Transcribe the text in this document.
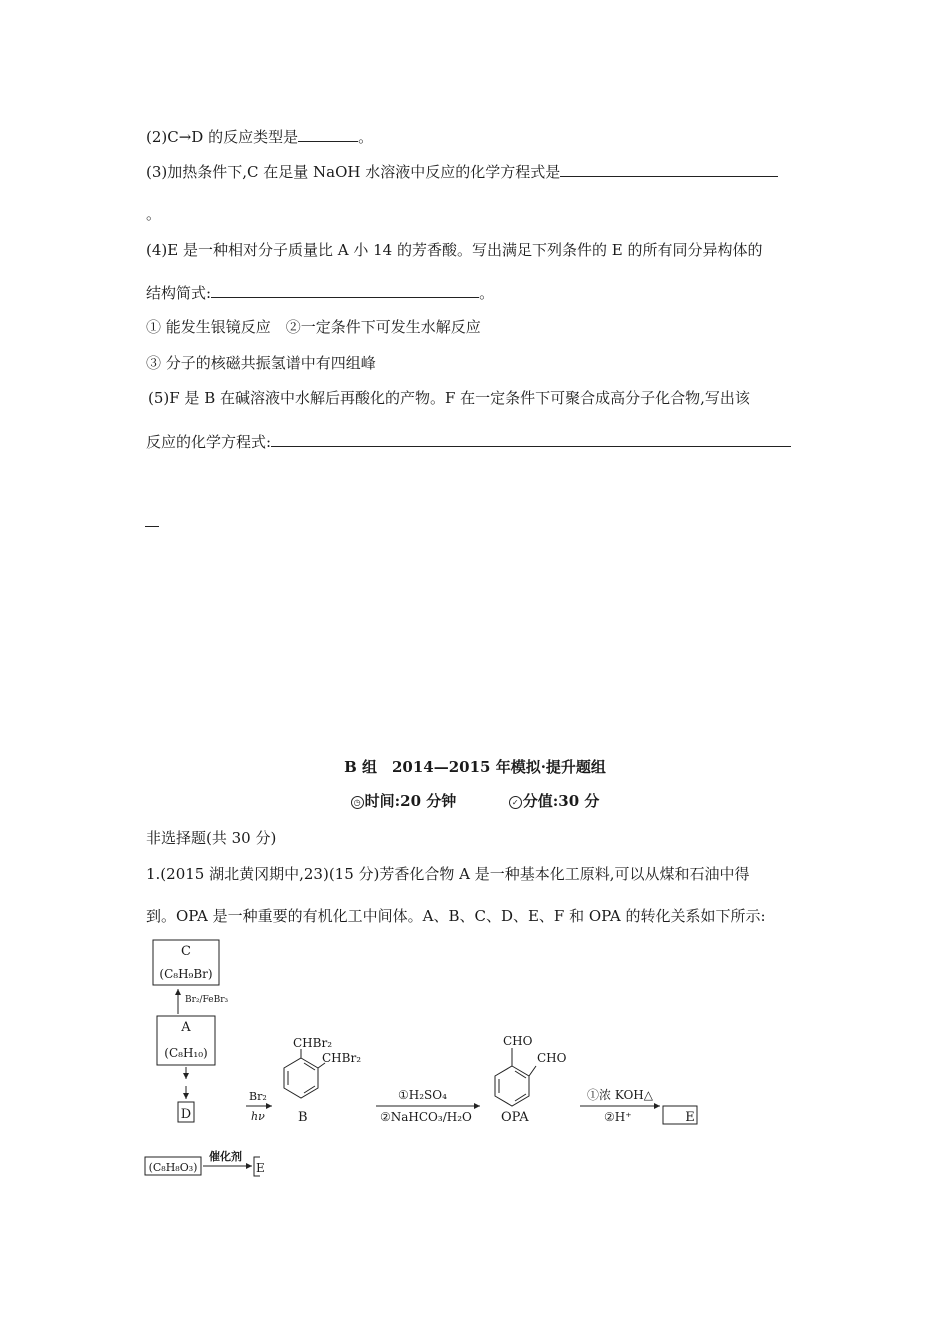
(2)C→D 的反应类型是	。
(3)加热条件下,C 在足量 NaOH 水溶液中反应的化学方程式是
。
(4)E 是一种相对分子质量比 A 小 14 的芳香酸。写出满足下列条件的 E 的所有同分异构体的
结构简式:	。
① 能发生银镜反应　②一定条件下可发生水解反应
③ 分子的核磁共振氢谱中有四组峰
(5)F 是 B 在碱溶液中水解后再酸化的产物。F 在一定条件下可聚合成高分子化合物,写出该
反应的化学方程式:
B 组　2014—2015 年模拟·提升题组
◷ 时间:20 分钟	✓ 分值:30 分
非选择题(共 30 分)
1.(2015 湖北黄冈期中,23)(15 分)芳香化合物 A 是一种基本化工原料,可以从煤和石油中得
到。OPA 是一种重要的有机化工中间体。A、B、C、D、E、F 和 OPA 的转化关系如下所示:
C
(C₈H₉Br)
Br₂/FeBr₃
A
(C₈H₁₀)
D
Br₂
hν
CHBr₂
CHBr₂
B
①H₂SO₄
②NaHCO₃/H₂O
CHO
CHO
OPA
①浓 KOH△
②H⁺	E
(C₈H₈O₃)
催化剂
E
